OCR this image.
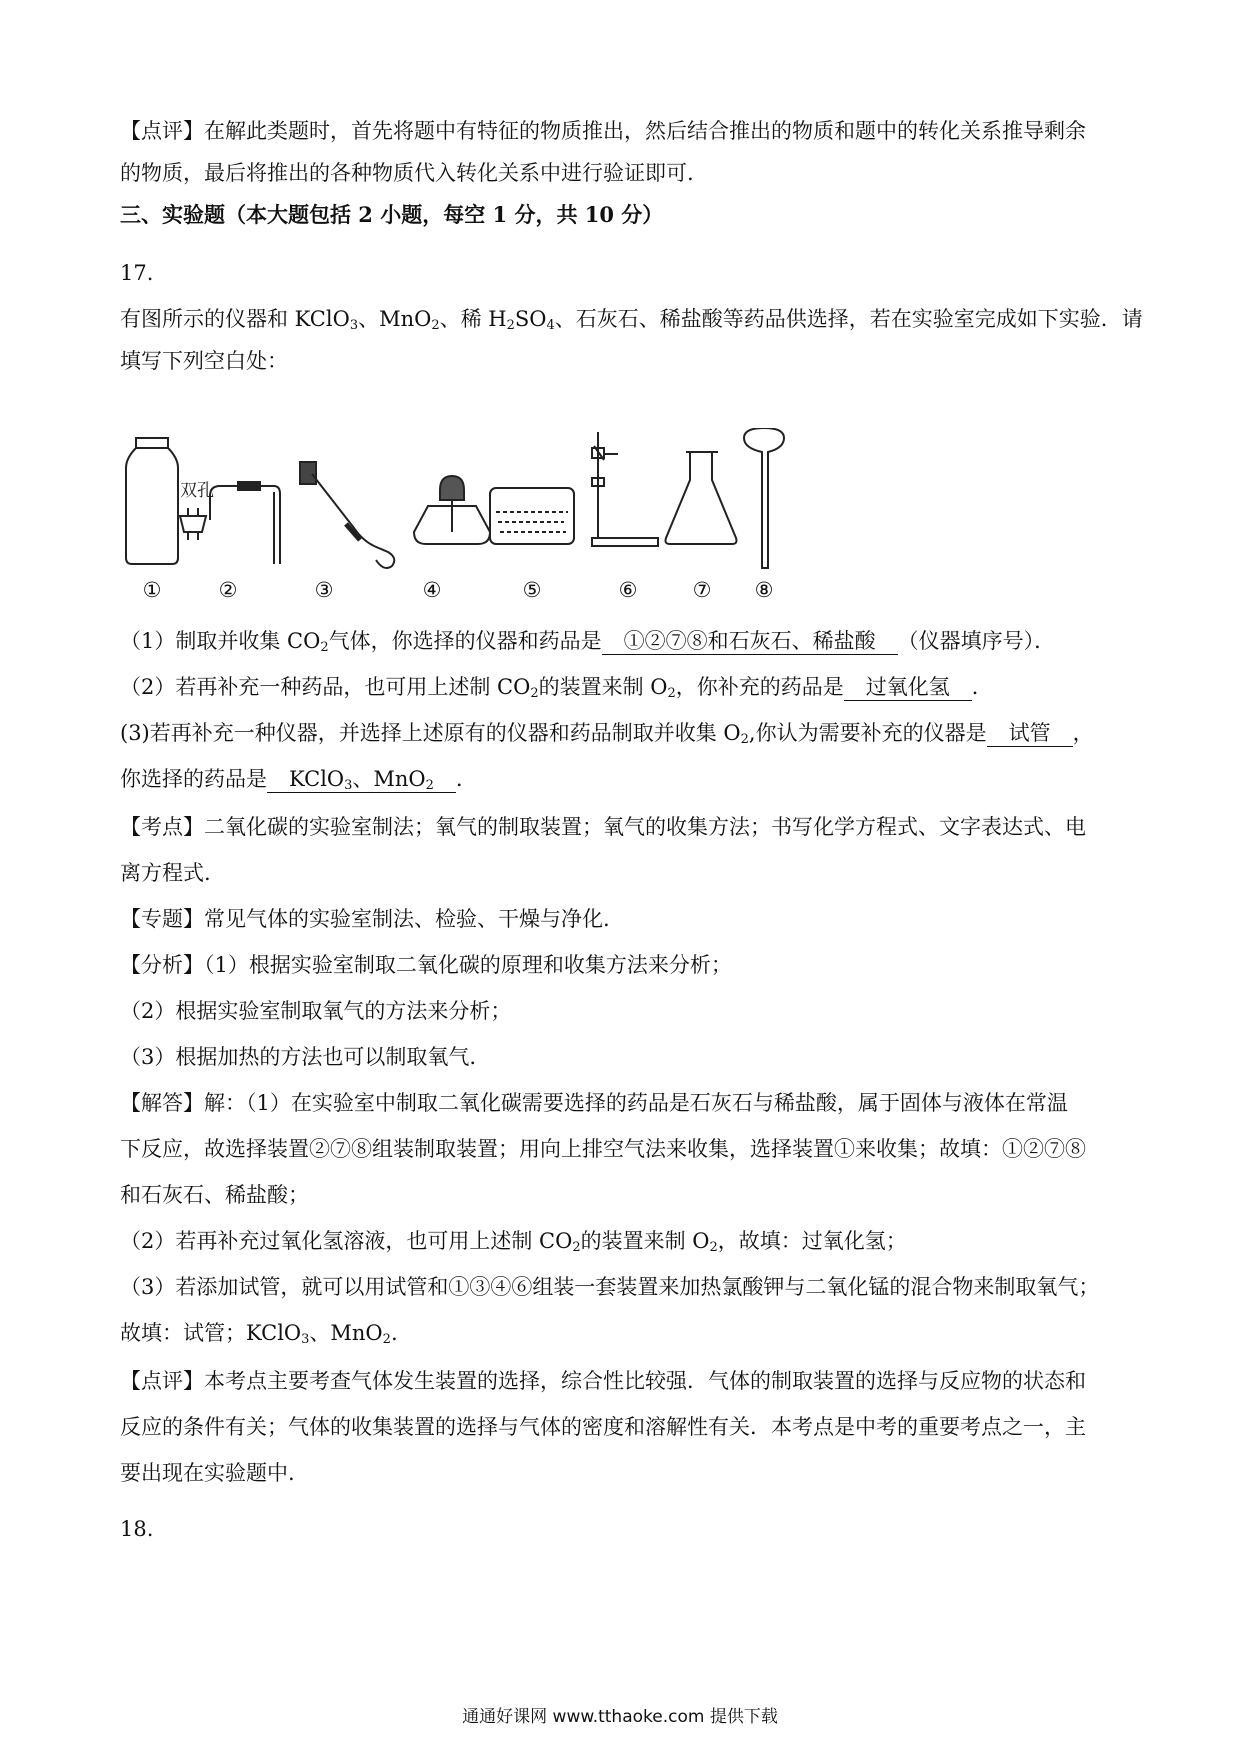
【点评】在解此类题时，首先将题中有特征的物质推出，然后结合推出的物质和题中的转化关系推导剩余
的物质，最后将推出的各种物质代入转化关系中进行验证即可.
三、实验题（本大题包括 2 小题，每空 1 分，共 10 分）
17.
有图所示的仪器和 KClO$_3$、MnO$_2$、稀 $H_2SO_4$、石灰石、稀盐酸等药品供选择，若在实验室完成如下实验．请
填写下列空白处：
双孔
①	②	③	④	⑤	⑥	⑦	⑧
（1）制取并收集 $CO_2$气体，你选择的仪器和药品是 ①②⑦⑧和石灰石、稀盐酸 （仪器填序号）．
（2）若再补充一种药品，也可用上述制 $CO_2$的装置来制 $O_2$，你补充的药品是 过氧化氢 ．
(3)若再补充一种仪器，并选择上述原有的仪器和药品制取并收集 $O_2$,你认为需要补充的仪器是 试管 ，
你选择的药品是 KClO$_3$、MnO$_2$ ．
【考点】二氧化碳的实验室制法；氧气的制取装置；氧气的收集方法；书写化学方程式、文字表达式、电
离方程式.
【专题】常见气体的实验室制法、检验、干燥与净化.
【分析】（1）根据实验室制取二氧化碳的原理和收集方法来分析；
（2）根据实验室制取氧气的方法来分析；
（3）根据加热的方法也可以制取氧气.
【解答】解：（1）在实验室中制取二氧化碳需要选择的药品是石灰石与稀盐酸，属于固体与液体在常温
下反应，故选择装置②⑦⑧组装制取装置；用向上排空气法来收集，选择装置①来收集；故填：①②⑦⑧
和石灰石、稀盐酸；
（2）若再补充过氧化氢溶液，也可用上述制 $CO_2$的装置来制 $O_2$，故填：过氧化氢；
（3）若添加试管，就可以用试管和①③④⑥组装一套装置来加热氯酸钾与二氧化锰的混合物来制取氧气；
故填：试管；KClO$_3$、MnO$_2$.
【点评】本考点主要考查气体发生装置的选择，综合性比较强．气体的制取装置的选择与反应物的状态和
反应的条件有关；气体的收集装置的选择与气体的密度和溶解性有关．本考点是中考的重要考点之一，主
要出现在实验题中.
18.
通通好课网 www.tthaoke.com 提供下载
